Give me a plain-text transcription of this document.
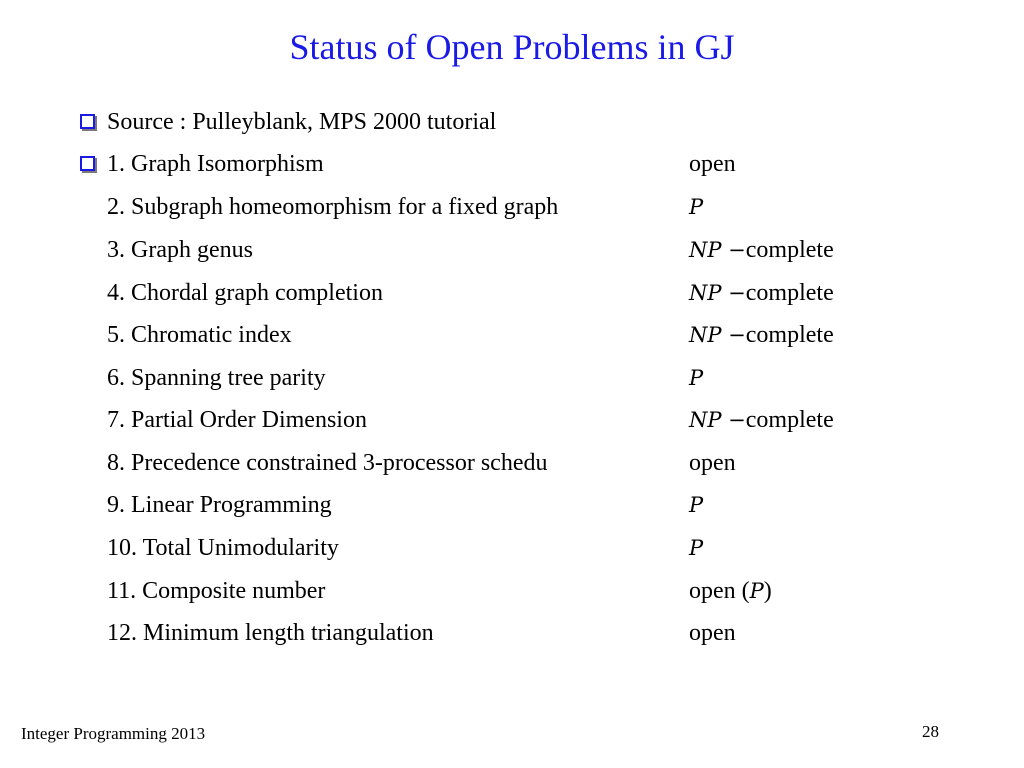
Status of Open Problems in GJ
Source : Pulleyblank, MPS 2000 tutorial
1. Graph Isomorphism	open
2. Subgraph homeomorphism for a fixed graph	P
3. Graph genus	NP −complete
4. Chordal graph completion	NP −complete
5. Chromatic index	NP −complete
6. Spanning tree parity	P
7. Partial Order Dimension	NP −complete
8. Precedence constrained 3-processor schedu	open
9. Linear Programming	P
10. Total Unimodularity	P
11. Composite number	open (P)
12. Minimum length triangulation	open
Integer Programming 2013	28
